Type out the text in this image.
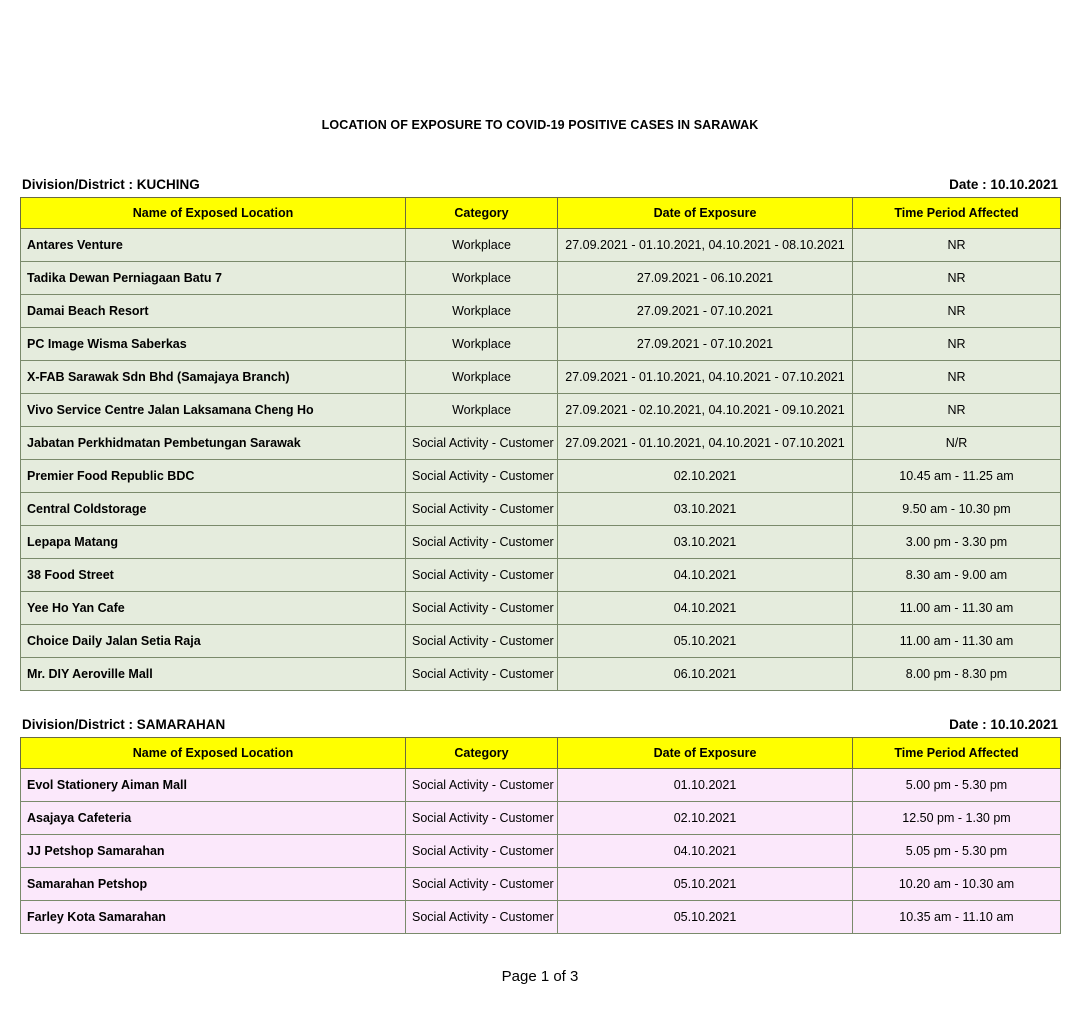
LOCATION OF EXPOSURE TO COVID-19 POSITIVE CASES IN SARAWAK
Division/District : KUCHING	Date : 10.10.2021
Name of Exposed Location	Category	Date of Exposure	Time Period Affected
Antares Venture	Workplace	27.09.2021 - 01.10.2021, 04.10.2021 - 08.10.2021	NR
Tadika Dewan Perniagaan Batu 7	Workplace	27.09.2021 - 06.10.2021	NR
Damai Beach Resort	Workplace	27.09.2021 - 07.10.2021	NR
PC Image Wisma Saberkas	Workplace	27.09.2021 - 07.10.2021	NR
X-FAB Sarawak Sdn Bhd (Samajaya Branch)	Workplace	27.09.2021 - 01.10.2021, 04.10.2021 - 07.10.2021	NR
Vivo Service Centre Jalan Laksamana Cheng Ho	Workplace	27.09.2021 - 02.10.2021, 04.10.2021 - 09.10.2021	NR
Jabatan Perkhidmatan Pembetungan Sarawak	Social Activity - Customer	27.09.2021 - 01.10.2021, 04.10.2021 - 07.10.2021	N/R
Premier Food Republic BDC	Social Activity - Customer	02.10.2021	10.45 am - 11.25 am
Central Coldstorage	Social Activity - Customer	03.10.2021	9.50 am - 10.30 pm
Lepapa Matang	Social Activity - Customer	03.10.2021	3.00 pm - 3.30 pm
38 Food Street	Social Activity - Customer	04.10.2021	8.30 am - 9.00 am
Yee Ho Yan Cafe	Social Activity - Customer	04.10.2021	11.00 am - 11.30 am
Choice Daily Jalan Setia Raja	Social Activity - Customer	05.10.2021	11.00 am - 11.30 am
Mr. DIY Aeroville Mall	Social Activity - Customer	06.10.2021	8.00 pm - 8.30 pm
Division/District : SAMARAHAN	Date : 10.10.2021
Name of Exposed Location	Category	Date of Exposure	Time Period Affected
Evol Stationery Aiman Mall	Social Activity - Customer	01.10.2021	5.00 pm - 5.30 pm
Asajaya Cafeteria	Social Activity - Customer	02.10.2021	12.50 pm - 1.30 pm
JJ Petshop Samarahan	Social Activity - Customer	04.10.2021	5.05 pm - 5.30 pm
Samarahan Petshop	Social Activity - Customer	05.10.2021	10.20 am - 10.30 am
Farley Kota Samarahan	Social Activity - Customer	05.10.2021	10.35 am - 11.10 am
Page 1 of 3
